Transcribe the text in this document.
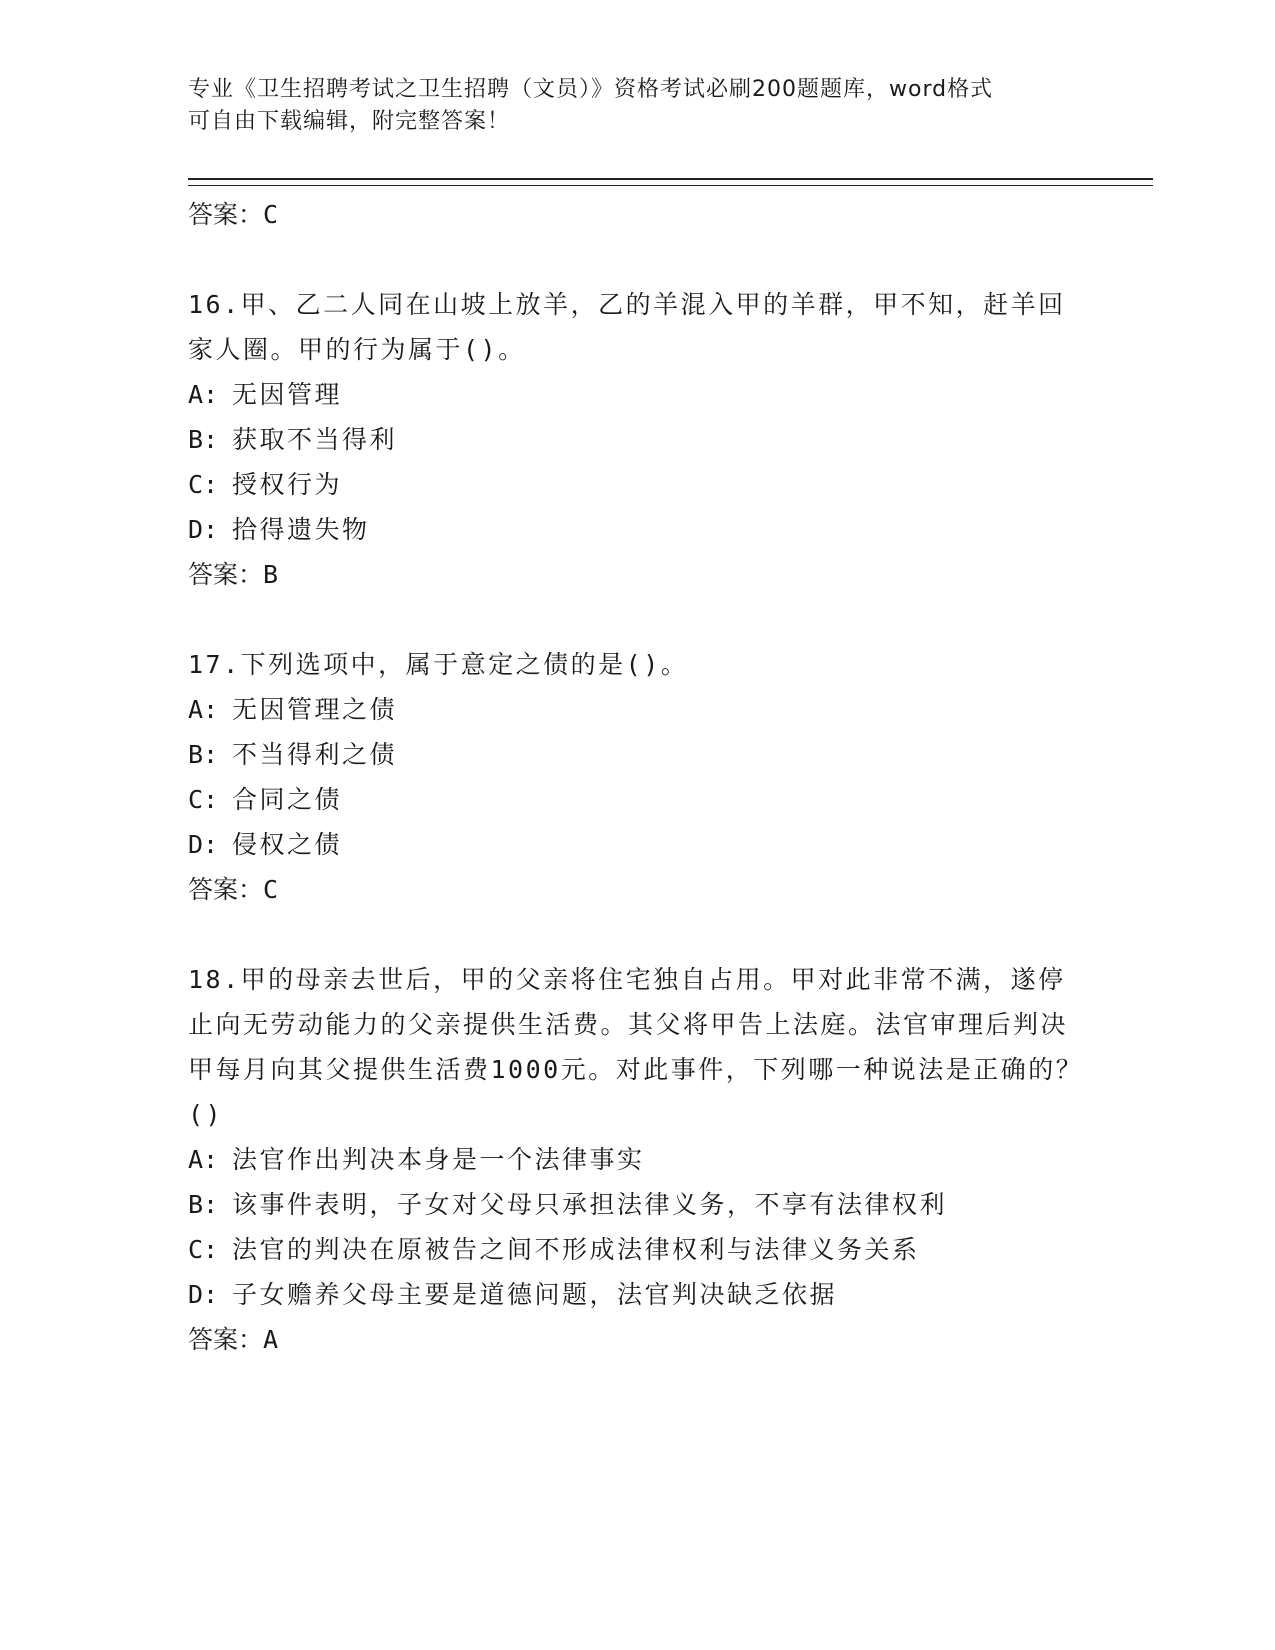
专业《卫生招聘考试之卫生招聘（文员）》资格考试必刷200题题库，word格式
可自由下载编辑，附完整答案！
答案：C

16.甲、乙二人同在山坡上放羊，乙的羊混入甲的羊群，甲不知，赶羊回家人圈。甲的行为属于()。

A: 无因管理
B: 获取不当得利
C: 授权行为
D: 拾得遗失物
答案：B

17.下列选项中，属于意定之债的是()。

A: 无因管理之债
B: 不当得利之债
C: 合同之债
D: 侵权之债
答案：C

18.甲的母亲去世后，甲的父亲将住宅独自占用。甲对此非常不满，遂停止向无劳动能力的父亲提供生活费。其父将甲告上法庭。法官审理后判决甲每月向其父提供生活费1000元。对此事件，下列哪一种说法是正确的？()

A: 法官作出判决本身是一个法律事实
B: 该事件表明，子女对父母只承担法律义务，不享有法律权利
C: 法官的判决在原被告之间不形成法律权利与法律义务关系
D: 子女赡养父母主要是道德问题，法官判决缺乏依据
答案：A
